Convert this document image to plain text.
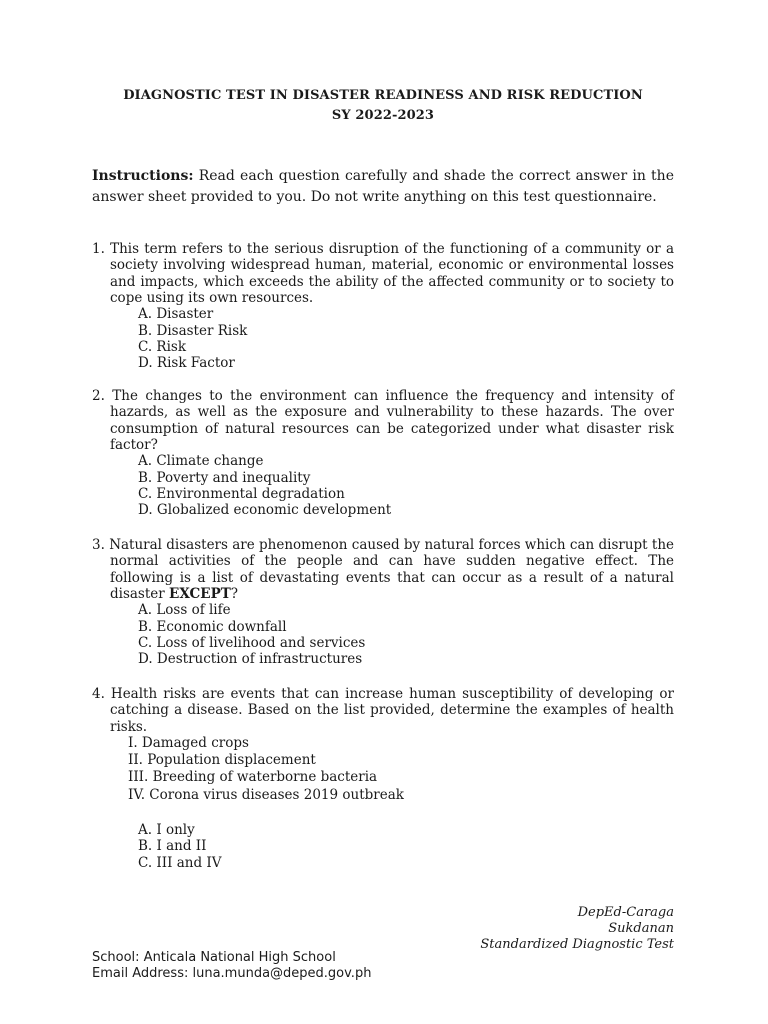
DIAGNOSTIC TEST IN DISASTER READINESS AND RISK REDUCTION
SY 2022-2023
Instructions: Read each question carefully and shade the correct answer in the answer sheet provided to you. Do not write anything on this test questionnaire.
1. This term refers to the serious disruption of the functioning of a community or a society involving widespread human, material, economic or environmental losses and impacts, which exceeds the ability of the affected community or to society to cope using its own resources.
A. Disaster
B. Disaster Risk
C. Risk
D. Risk Factor
2. The changes to the environment can influence the frequency and intensity of hazards, as well as the exposure and vulnerability to these hazards. The over consumption of natural resources can be categorized under what disaster risk factor?
A. Climate change
B. Poverty and inequality
C. Environmental degradation
D. Globalized economic development
3. Natural disasters are phenomenon caused by natural forces which can disrupt the normal activities of the people and can have sudden negative effect. The following is a list of devastating events that can occur as a result of a natural disaster EXCEPT?
A. Loss of life
B. Economic downfall
C. Loss of livelihood and services
D. Destruction of infrastructures
4. Health risks are events that can increase human susceptibility of developing or catching a disease. Based on the list provided, determine the examples of health risks.
I. Damaged crops
II. Population displacement
III. Breeding of waterborne bacteria
IV. Corona virus diseases 2019 outbreak
A. I only
B. I and II
C. III and IV
DepEd-Caraga
Sukdanan
Standardized Diagnostic Test
School: Anticala National High School
Email Address: luna.munda@deped.gov.ph
